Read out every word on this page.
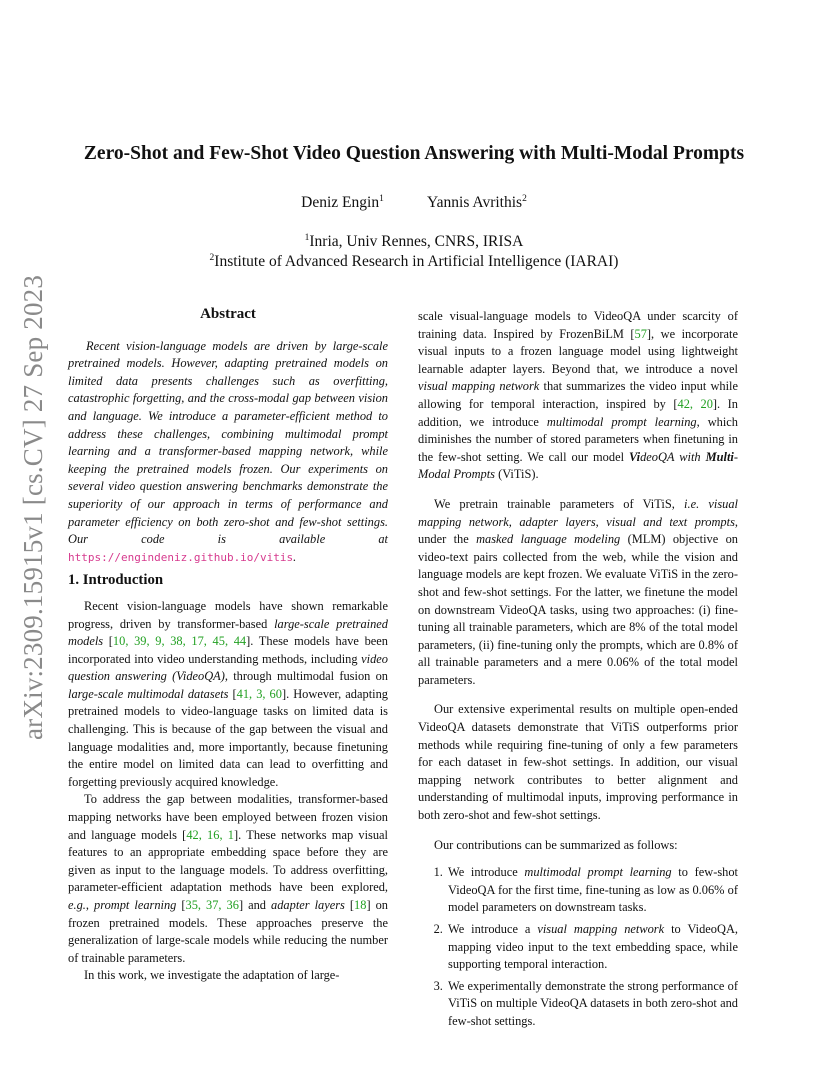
arXiv:2309.15915v1 [cs.CV] 27 Sep 2023
Zero-Shot and Few-Shot Video Question Answering with Multi-Modal Prompts
Deniz Engin$^1$	Yannis Avrithis$^2$
$^1$Inria, Univ Rennes, CNRS, IRISA
$^2$Institute of Advanced Research in Artificial Intelligence (IARAI)
Abstract

Recent vision-language models are driven by large-scale pretrained models. However, adapting pretrained models on limited data presents challenges such as overfitting, catastrophic forgetting, and the cross-modal gap between vision and language. We introduce a parameter-efficient method to address these challenges, combining multimodal prompt learning and a transformer-based mapping network, while keeping the pretrained models frozen. Our experiments on several video question answering benchmarks demonstrate the superiority of our approach in terms of performance and parameter efficiency on both zero-shot and few-shot settings. Our code is available at https://engindeniz.github.io/vitis.

1. Introduction

Recent vision-language models have shown remarkable progress, driven by transformer-based large-scale pretrained models [10, 39, 9, 38, 17, 45, 44]. These models have been incorporated into video understanding methods, including video question answering (VideoQA), through multimodal fusion on large-scale multimodal datasets [41, 3, 60]. However, adapting pretrained models to video-language tasks on limited data is challenging. This is because of the gap between the visual and language modalities and, more importantly, because finetuning the entire model on limited data can lead to overfitting and forgetting previously acquired knowledge.

To address the gap between modalities, transformer-based mapping networks have been employed between frozen vision and language models [42, 16, 1]. These networks map visual features to an appropriate embedding space before they are given as input to the language models. To address overfitting, parameter-efficient adaptation methods have been explored, e.g., prompt learning [35, 37, 36] and adapter layers [18] on frozen pretrained models. These approaches preserve the generalization of large-scale models while reducing the number of trainable parameters.

In this work, we investigate the adaptation of large-

scale visual-language models to VideoQA under scarcity of training data. Inspired by FrozenBiLM [57], we incorporate visual inputs to a frozen language model using lightweight learnable adapter layers. Beyond that, we introduce a novel visual mapping network that summarizes the video input while allowing for temporal interaction, inspired by [42, 20]. In addition, we introduce multimodal prompt learning, which diminishes the number of stored parameters when finetuning in the few-shot setting. We call our model VideoQA with Multi-Modal Prompts (ViTiS).

We pretrain trainable parameters of ViTiS, i.e. visual mapping network, adapter layers, visual and text prompts, under the masked language modeling (MLM) objective on video-text pairs collected from the web, while the vision and language models are kept frozen. We evaluate ViTiS in the zero-shot and few-shot settings. For the latter, we finetune the model on downstream VideoQA tasks, using two approaches: (i) fine-tuning all trainable parameters, which are 8% of the total model parameters, (ii) fine-tuning only the prompts, which are 0.8% of all trainable parameters and a mere 0.06% of the total model parameters.

Our extensive experimental results on multiple open-ended VideoQA datasets demonstrate that ViTiS outperforms prior methods while requiring fine-tuning of only a few parameters for each dataset in few-shot settings. In addition, our visual mapping network contributes to better alignment and understanding of multimodal inputs, improving performance in both zero-shot and few-shot settings.

Our contributions can be summarized as follows:

1. We introduce multimodal prompt learning to few-shot VideoQA for the first time, fine-tuning as low as 0.06% of model parameters on downstream tasks.
2. We introduce a visual mapping network to VideoQA, mapping video input to the text embedding space, while supporting temporal interaction.
3. We experimentally demonstrate the strong performance of ViTiS on multiple VideoQA datasets in both zero-shot and few-shot settings.
